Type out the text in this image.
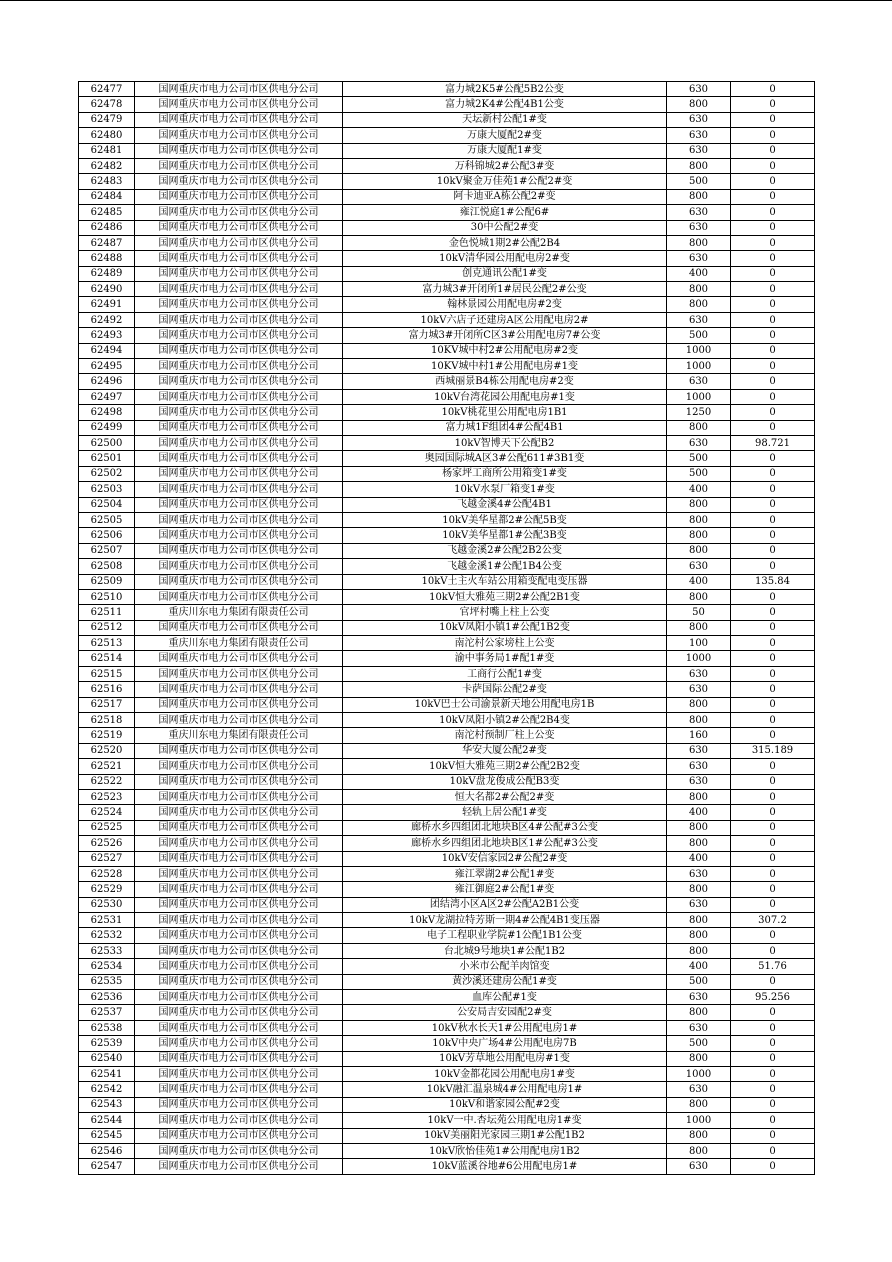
62477	国网重庆市电力公司市区供电分公司	富力城2K5#公配5B2公变	630	0
62478	国网重庆市电力公司市区供电分公司	富力城2K4#公配4B1公变	800	0
62479	国网重庆市电力公司市区供电分公司	天坛新村公配1#变	630	0
62480	国网重庆市电力公司市区供电分公司	万康大厦配2#变	630	0
62481	国网重庆市电力公司市区供电分公司	万康大厦配1#变	630	0
62482	国网重庆市电力公司市区供电分公司	万科锦城2#公配3#变	800	0
62483	国网重庆市电力公司市区供电分公司	10kV聚金万佳苑1#公配2#变	500	0
62484	国网重庆市电力公司市区供电分公司	阿卡迪亚A栋公配2#变	800	0
62485	国网重庆市电力公司市区供电分公司	雍江悦庭1#公配6#	630	0
62486	国网重庆市电力公司市区供电分公司	30中公配2#变	630	0
62487	国网重庆市电力公司市区供电分公司	金色悦城1期2#公配2B4	800	0
62488	国网重庆市电力公司市区供电分公司	10kV清华园公用配电房2#变	630	0
62489	国网重庆市电力公司市区供电分公司	创克通讯公配1#变	400	0
62490	国网重庆市电力公司市区供电分公司	富力城3#开闭所1#居民公配2#公变	800	0
62491	国网重庆市电力公司市区供电分公司	翰林景园公用配电房#2变	800	0
62492	国网重庆市电力公司市区供电分公司	10kV六店子还建房A区公用配电房2#	630	0
62493	国网重庆市电力公司市区供电分公司	富力城3#开闭所C区3#公用配电房7#公变	500	0
62494	国网重庆市电力公司市区供电分公司	10KV城中村2#公用配电房#2变	1000	0
62495	国网重庆市电力公司市区供电分公司	10KV城中村1#公用配电房#1变	1000	0
62496	国网重庆市电力公司市区供电分公司	西城丽景B4栋公用配电房#2变	630	0
62497	国网重庆市电力公司市区供电分公司	10kV台湾花园公用配电房#1变	1000	0
62498	国网重庆市电力公司市区供电分公司	10kV桃花里公用配电房1B1	1250	0
62499	国网重庆市电力公司市区供电分公司	富力城1F组团4#公配4B1	800	0
62500	国网重庆市电力公司市区供电分公司	10kV智博天下公配B2	630	98.721
62501	国网重庆市电力公司市区供电分公司	奥园国际城A区3#公配611#3B1变	500	0
62502	国网重庆市电力公司市区供电分公司	杨家坪工商所公用箱变1#变	500	0
62503	国网重庆市电力公司市区供电分公司	10kV水泵厂箱变1#变	400	0
62504	国网重庆市电力公司市区供电分公司	飞越金溪4#公配4B1	800	0
62505	国网重庆市电力公司市区供电分公司	10kV美华星都2#公配5B变	800	0
62506	国网重庆市电力公司市区供电分公司	10kV美华星都1#公配3B变	800	0
62507	国网重庆市电力公司市区供电分公司	飞越金溪2#公配2B2公变	800	0
62508	国网重庆市电力公司市区供电分公司	飞越金溪1#公配1B4公变	630	0
62509	国网重庆市电力公司市区供电分公司	10kV土主火车站公用箱变配电变压器	400	135.84
62510	国网重庆市电力公司市区供电分公司	10kV恒大雅苑三期2#公配2B1变	800	0
62511	重庆川东电力集团有限责任公司	官坪村嘴上柱上公变	50	0
62512	国网重庆市电力公司市区供电分公司	10kV凤阳小镇1#公配1B2变	800	0
62513	重庆川东电力集团有限责任公司	南沱村公家塝柱上公变	100	0
62514	国网重庆市电力公司市区供电分公司	渝中事务局1#配1#变	1000	0
62515	国网重庆市电力公司市区供电分公司	工商行公配1#变	630	0
62516	国网重庆市电力公司市区供电分公司	卡萨国际公配2#变	630	0
62517	国网重庆市电力公司市区供电分公司	10kV巴士公司渝景新天地公用配电房1B	800	0
62518	国网重庆市电力公司市区供电分公司	10kV凤阳小镇2#公配2B4变	800	0
62519	重庆川东电力集团有限责任公司	南沱村预制厂柱上公变	160	0
62520	国网重庆市电力公司市区供电分公司	华安大厦公配2#变	630	315.189
62521	国网重庆市电力公司市区供电分公司	10kV恒大雅苑三期2#公配2B2变	630	0
62522	国网重庆市电力公司市区供电分公司	10kV盘龙俊成公配B3变	630	0
62523	国网重庆市电力公司市区供电分公司	恒大名都2#公配2#变	800	0
62524	国网重庆市电力公司市区供电分公司	轻轨上居公配1#变	400	0
62525	国网重庆市电力公司市区供电分公司	廊桥水乡四组团北地块B区4#公配#3公变	800	0
62526	国网重庆市电力公司市区供电分公司	廊桥水乡四组团北地块B区1#公配#3公变	800	0
62527	国网重庆市电力公司市区供电分公司	10kV安信家园2#公配2#变	400	0
62528	国网重庆市电力公司市区供电分公司	雍江翠湖2#公配1#变	630	0
62529	国网重庆市电力公司市区供电分公司	雍江御庭2#公配1#变	800	0
62530	国网重庆市电力公司市区供电分公司	团结湾小区A区2#公配A2B1公变	630	0
62531	国网重庆市电力公司市区供电分公司	10kV龙湖拉特芳斯一期4#公配4B1变压器	800	307.2
62532	国网重庆市电力公司市区供电分公司	电子工程职业学院#1公配1B1公变	800	0
62533	国网重庆市电力公司市区供电分公司	台北城9号地块1#公配1B2	800	0
62534	国网重庆市电力公司市区供电分公司	小米市公配羊肉馆变	400	51.76
62535	国网重庆市电力公司市区供电分公司	黄沙溪还建房公配1#变	500	0
62536	国网重庆市电力公司市区供电分公司	血库公配#1变	630	95.256
62537	国网重庆市电力公司市区供电分公司	公安局吉安园配2#变	800	0
62538	国网重庆市电力公司市区供电分公司	10kV秋水长天1#公用配电房1#	630	0
62539	国网重庆市电力公司市区供电分公司	10kV中央广场4#公用配电房7B	500	0
62540	国网重庆市电力公司市区供电分公司	10kV芳草地公用配电房#1变	800	0
62541	国网重庆市电力公司市区供电分公司	10kV金都花园公用配电房1#变	1000	0
62542	国网重庆市电力公司市区供电分公司	10kV融汇温泉城4#公用配电房1#	630	0
62543	国网重庆市电力公司市区供电分公司	10kV和谐家园公配#2变	800	0
62544	国网重庆市电力公司市区供电分公司	10kV一中.杏坛苑公用配电房1#变	1000	0
62545	国网重庆市电力公司市区供电分公司	10kV美丽阳光家园三期1#公配1B2	800	0
62546	国网重庆市电力公司市区供电分公司	10kV欣怡佳苑1#公用配电房1B2	800	0
62547	国网重庆市电力公司市区供电分公司	10kV蓝溪谷地#6公用配电房1#	630	0
